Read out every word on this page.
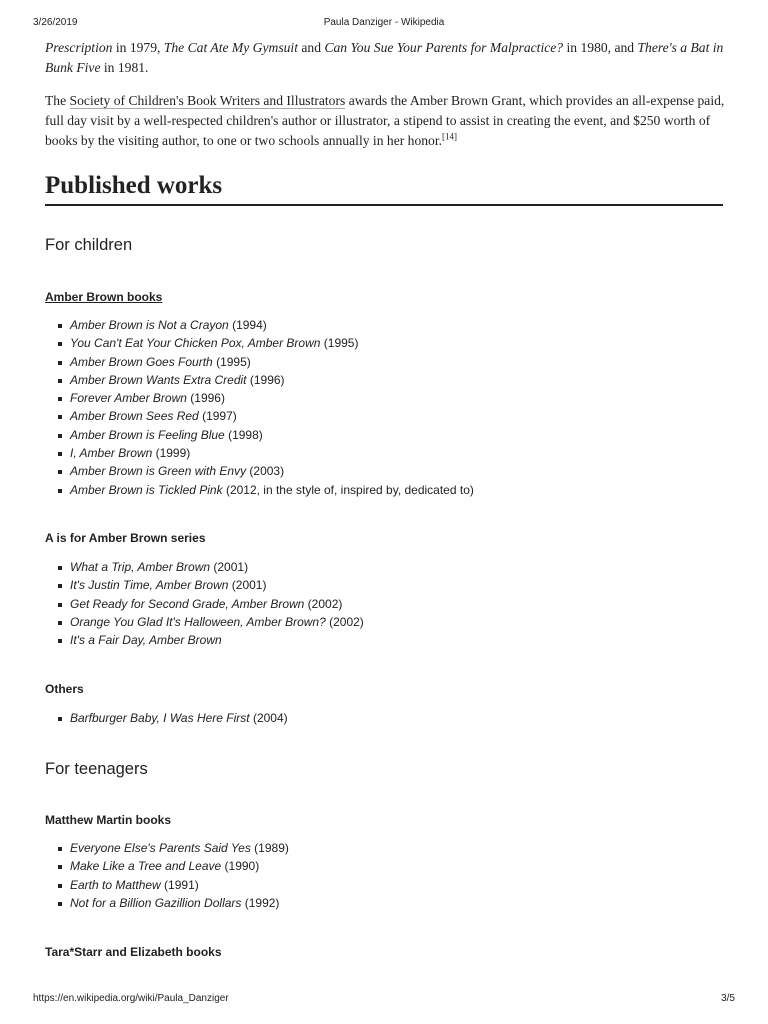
3/26/2019	Paula Danziger - Wikipedia

Prescription in 1979, The Cat Ate My Gymsuit and Can You Sue Your Parents for Malpractice? in 1980, and There's a Bat in Bunk Five in 1981.

The Society of Children's Book Writers and Illustrators awards the Amber Brown Grant, which provides an all-expense paid, full day visit by a well-respected children's author or illustrator, a stipend to assist in creating the event, and $250 worth of books by the visiting author, to one or two schools annually in her honor.[14]

Published works
For children
Amber Brown books
Amber Brown is Not a Crayon (1994)
You Can't Eat Your Chicken Pox, Amber Brown (1995)
Amber Brown Goes Fourth (1995)
Amber Brown Wants Extra Credit (1996)
Forever Amber Brown (1996)
Amber Brown Sees Red (1997)
Amber Brown is Feeling Blue (1998)
I, Amber Brown (1999)
Amber Brown is Green with Envy (2003)
Amber Brown is Tickled Pink (2012, in the style of, inspired by, dedicated to)
A is for Amber Brown series
What a Trip, Amber Brown (2001)
It's Justin Time, Amber Brown (2001)
Get Ready for Second Grade, Amber Brown (2002)
Orange You Glad It's Halloween, Amber Brown? (2002)
It's a Fair Day, Amber Brown
Others
Barfburger Baby, I Was Here First (2004)
For teenagers
Matthew Martin books
Everyone Else's Parents Said Yes (1989)
Make Like a Tree and Leave (1990)
Earth to Matthew (1991)
Not for a Billion Gazillion Dollars (1992)
Tara*Starr and Elizabeth books
https://en.wikipedia.org/wiki/Paula_Danziger	3/5
